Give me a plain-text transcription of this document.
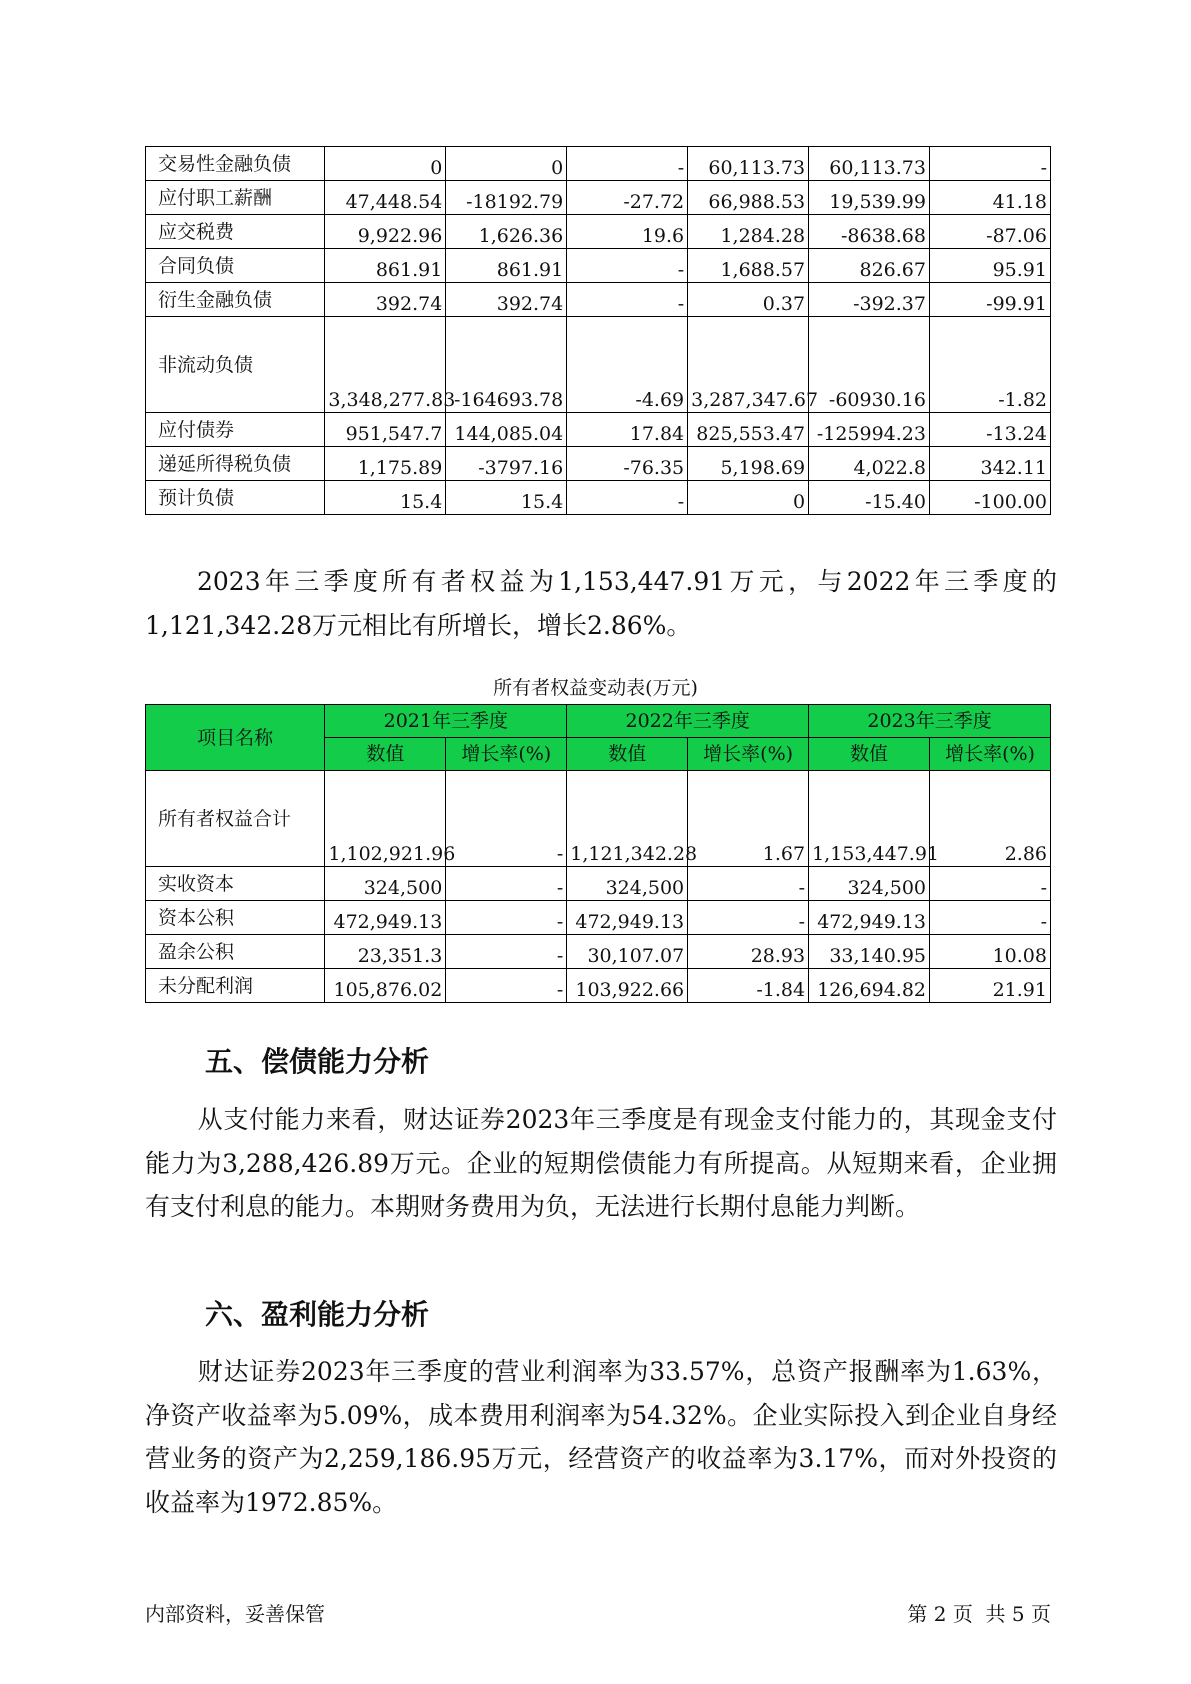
交易性金融负债	0	0	-	60,113.73	60,113.73	-
应付职工薪酬	47,448.54	-18192.79	-27.72	66,988.53	19,539.99	41.18
应交税费	9,922.96	1,626.36	19.6	1,284.28	-8638.68	-87.06
合同负债	861.91	861.91	-	1,688.57	826.67	95.91
衍生金融负债	392.74	392.74	-	0.37	-392.37	-99.91
非流动负债	3,348,277.83	-164693.78	-4.69	3,287,347.67	-60930.16	-1.82
应付债券	951,547.7	144,085.04	17.84	825,553.47	-125994.23	-13.24
递延所得税负债	1,175.89	-3797.16	-76.35	5,198.69	4,022.8	342.11
预计负债	15.4	15.4	-	0	-15.40	-100.00

2023年三季度所有者权益为1,153,447.91万元，与2022年三季度的1,121,342.28万元相比有所增长，增长2.86%。

所有者权益变动表(万元)
项目名称	2021年三季度		2022年三季度		2023年三季度	
	数值	增长率(%)	数值	增长率(%)	数值	增长率(%)
所有者权益合计	1,102,921.96	-	1,121,342.28	1.67	1,153,447.91	2.86
实收资本	324,500	-	324,500	-	324,500	-
资本公积	472,949.13	-	472,949.13	-	472,949.13	-
盈余公积	23,351.3	-	30,107.07	28.93	33,140.95	10.08
未分配利润	105,876.02	-	103,922.66	-1.84	126,694.82	21.91
五、偿债能力分析

从支付能力来看，财达证券2023年三季度是有现金支付能力的，其现金支付能力为3,288,426.89万元。企业的短期偿债能力有所提高。从短期来看，企业拥有支付利息的能力。本期财务费用为负，无法进行长期付息能力判断。

六、盈利能力分析

财达证券2023年三季度的营业利润率为33.57%，总资产报酬率为1.63%，净资产收益率为5.09%，成本费用利润率为54.32%。企业实际投入到企业自身经营业务的资产为2,259,186.95万元，经营资产的收益率为3.17%，而对外投资的收益率为1972.85%。

内部资料，妥善保管	第 2 页  共 5 页
